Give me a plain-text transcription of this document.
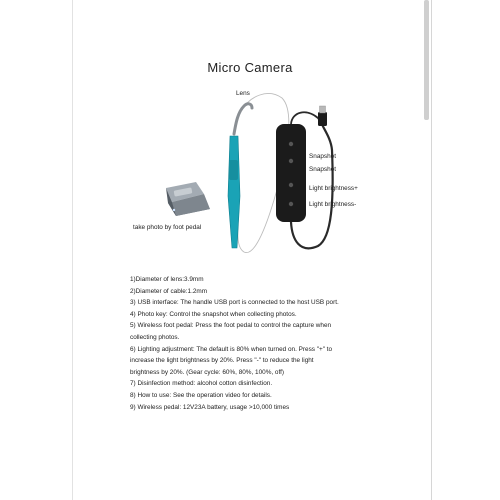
Micro Camera
Lens
Snapshot
Snapshot
Light brightness+
Light brightness-
take photo by foot pedal
1)Diameter of lens:3.9mm
2)Diameter of cable:1.2mm
3) USB interface: The handle USB port is connected to the host USB port.
4) Photo key: Control the snapshot when collecting photos.
5) Wireless foot pedal: Press the foot pedal to control the capture when
collecting photos.
6) Lighting adjustment: The default is 80% when turned on. Press "+" to
increase the light brightness by 20%. Press "-" to reduce the light
brightness by 20%. (Gear cycle: 60%, 80%, 100%, off)
7) Disinfection method: alcohol cotton disinfection.
8) How to use: See the operation video for details.
9) Wireless pedal: 12V23A battery, usage >10,000 times
